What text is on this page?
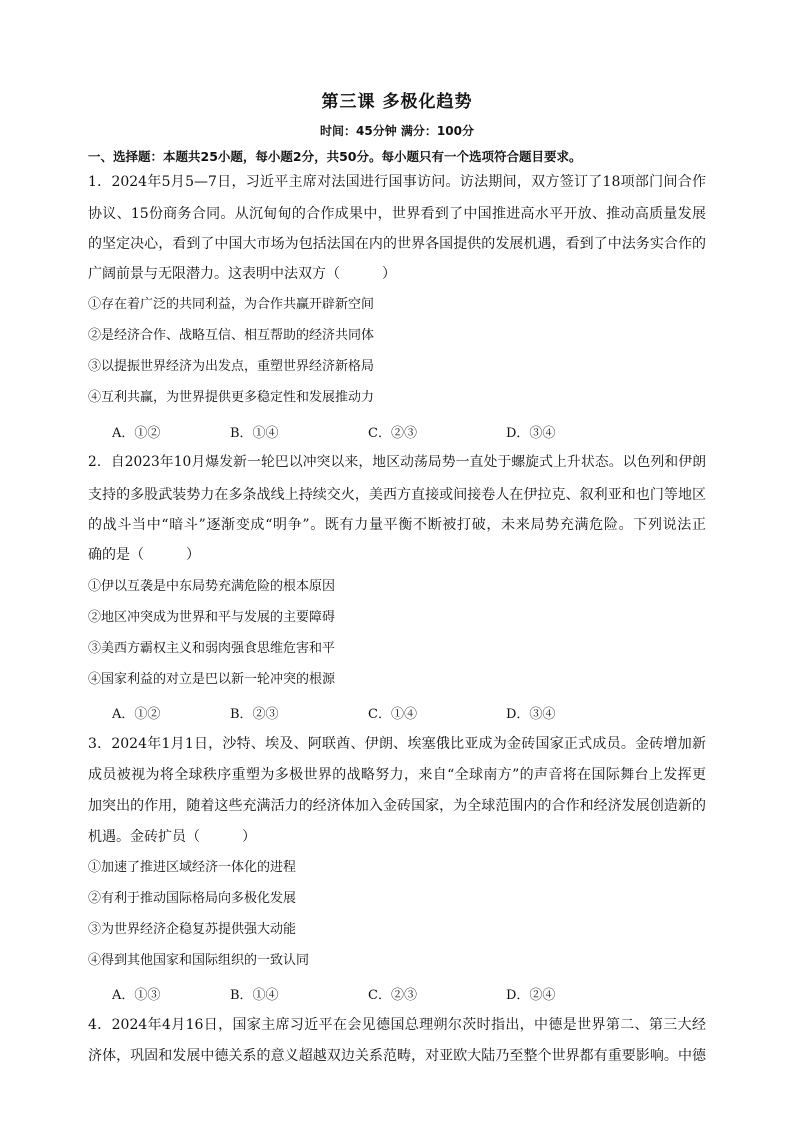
第三课 多极化趋势
时间：45分钟 满分：100分
一、选择题：本题共25小题，每小题2分，共50分。每小题只有一个选项符合题目要求。
1．2024年5月5—7日，习近平主席对法国进行国事访问。访法期间，双方签订了18项部门间合作
协议、15份商务合同。从沉甸甸的合作成果中，世界看到了中国推进高水平开放、推动高质量发展
的坚定决心，看到了中国大市场为包括法国在内的世界各国提供的发展机遇，看到了中法务实合作的
广阔前景与无限潜力。这表明中法双方（　　　）
①存在着广泛的共同利益，为合作共赢开辟新空间
②是经济合作、战略互信、相互帮助的经济共同体
③以提振世界经济为出发点，重塑世界经济新格局
④互利共赢，为世界提供更多稳定性和发展推动力
A．①②	B．①④	C．②③	D．③④
2．自2023年10月爆发新一轮巴以冲突以来，地区动荡局势一直处于螺旋式上升状态。以色列和伊朗
支持的多股武装势力在多条战线上持续交火，美西方直接或间接卷人在伊拉克、叙利亚和也门等地区
的战斗当中“暗斗”逐渐变成“明争”。既有力量平衡不断被打破，未来局势充满危险。下列说法正
确的是（　　　）
①伊以互袭是中东局势充满危险的根本原因
②地区冲突成为世界和平与发展的主要障碍
③美西方霸权主义和弱肉强食思维危害和平
④国家利益的对立是巴以新一轮冲突的根源
A．①②	B．②③	C．①④	D．③④
3．2024年1月1日，沙特、埃及、阿联酋、伊朗、埃塞俄比亚成为金砖国家正式成员。金砖增加新
成员被视为将全球秩序重塑为多极世界的战略努力，来自“全球南方”的声音将在国际舞台上发挥更
加突出的作用，随着这些充满活力的经济体加入金砖国家，为全球范围内的合作和经济发展创造新的
机遇。金砖扩员（　　　）
①加速了推进区域经济一体化的进程
②有利于推动国际格局向多极化发展
③为世界经济企稳复苏提供强大动能
④得到其他国家和国际组织的一致认同
A．①③	B．①④	C．②③	D．②④
4．2024年4月16日，国家主席习近平在会见德国总理朔尔茨时指出，中德是世界第二、第三大经
济体，巩固和发展中德关系的意义超越双边关系范畴，对亚欧大陆乃至整个世界都有重要影响。中德
